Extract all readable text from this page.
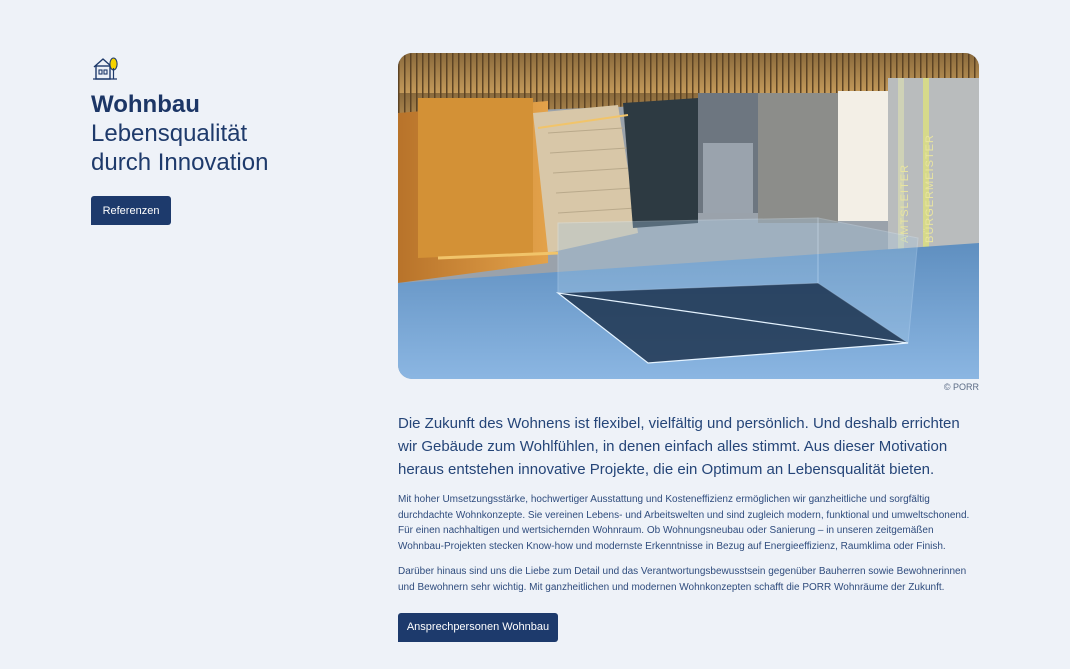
Wohnbau
Lebensqualität
durch Innovation
Referenzen	AMTSLEITER BÜRGERMEISTER
© PORR
Die Zukunft des Wohnens ist flexibel, vielfältig und persönlich. Und deshalb errichten wir Gebäude zum Wohlfühlen, in denen einfach alles stimmt. Aus dieser Motivation heraus entstehen innovative Projekte, die ein Optimum an Lebensqualität bieten.
Mit hoher Umsetzungsstärke, hochwertiger Ausstattung und Kosteneffizienz ermöglichen wir ganzheitliche und sorgfältig durchdachte Wohnkonzepte. Sie vereinen Lebens- und Arbeitswelten und sind zugleich modern, funktional und umweltschonend. Für einen nachhaltigen und wertsichernden Wohnraum. Ob Wohnungsneubau oder Sanierung – in unseren zeitgemäßen Wohnbau-Projekten stecken Know-how und modernste Erkenntnisse in Bezug auf Energieeffizienz, Raumklima oder Finish.
Darüber hinaus sind uns die Liebe zum Detail und das Verantwortungsbewusstsein gegenüber Bauherren sowie Bewohnerinnen und Bewohnern sehr wichtig. Mit ganzheitlichen und modernen Wohnkonzepten schafft die PORR Wohnräume der Zukunft.
Ansprechpersonen Wohnbau
